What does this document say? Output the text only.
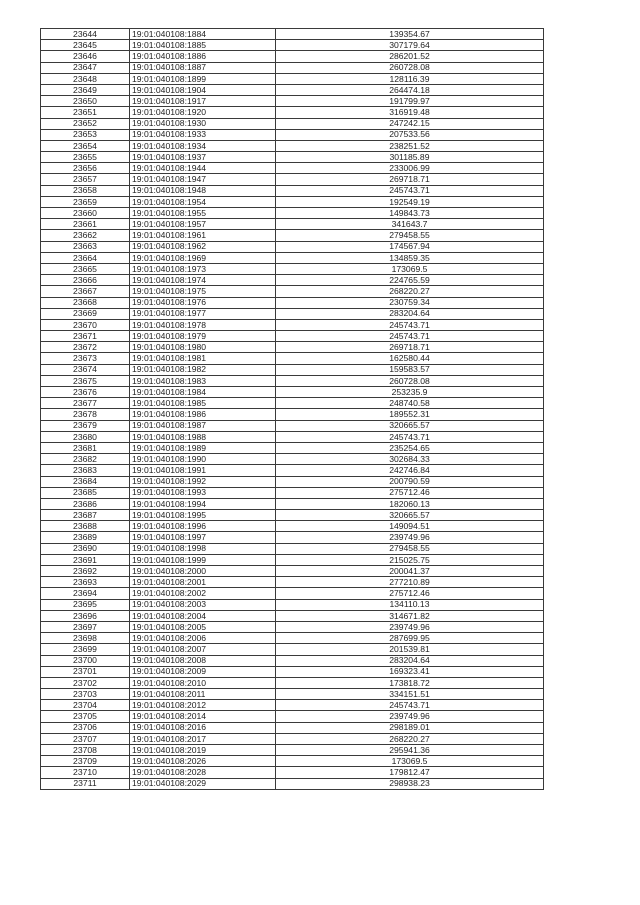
23644	19:01:040108:1884	139354.67
23645	19:01:040108:1885	307179.64
23646	19:01:040108:1886	286201.52
23647	19:01:040108:1887	260728.08
23648	19:01:040108:1899	128116.39
23649	19:01:040108:1904	264474.18
23650	19:01:040108:1917	191799.97
23651	19:01:040108:1920	316919.48
23652	19:01:040108:1930	247242.15
23653	19:01:040108:1933	207533.56
23654	19:01:040108:1934	238251.52
23655	19:01:040108:1937	301185.89
23656	19:01:040108:1944	233006.99
23657	19:01:040108:1947	269718.71
23658	19:01:040108:1948	245743.71
23659	19:01:040108:1954	192549.19
23660	19:01:040108:1955	149843.73
23661	19:01:040108:1957	341643.7
23662	19:01:040108:1961	279458.55
23663	19:01:040108:1962	174567.94
23664	19:01:040108:1969	134859.35
23665	19:01:040108:1973	173069.5
23666	19:01:040108:1974	224765.59
23667	19:01:040108:1975	268220.27
23668	19:01:040108:1976	230759.34
23669	19:01:040108:1977	283204.64
23670	19:01:040108:1978	245743.71
23671	19:01:040108:1979	245743.71
23672	19:01:040108:1980	269718.71
23673	19:01:040108:1981	162580.44
23674	19:01:040108:1982	159583.57
23675	19:01:040108:1983	260728.08
23676	19:01:040108:1984	253235.9
23677	19:01:040108:1985	248740.58
23678	19:01:040108:1986	189552.31
23679	19:01:040108:1987	320665.57
23680	19:01:040108:1988	245743.71
23681	19:01:040108:1989	235254.65
23682	19:01:040108:1990	302684.33
23683	19:01:040108:1991	242746.84
23684	19:01:040108:1992	200790.59
23685	19:01:040108:1993	275712.46
23686	19:01:040108:1994	182060.13
23687	19:01:040108:1995	320665.57
23688	19:01:040108:1996	149094.51
23689	19:01:040108:1997	239749.96
23690	19:01:040108:1998	279458.55
23691	19:01:040108:1999	215025.75
23692	19:01:040108:2000	200041.37
23693	19:01:040108:2001	277210.89
23694	19:01:040108:2002	275712.46
23695	19:01:040108:2003	134110.13
23696	19:01:040108:2004	314671.82
23697	19:01:040108:2005	239749.96
23698	19:01:040108:2006	287699.95
23699	19:01:040108:2007	201539.81
23700	19:01:040108:2008	283204.64
23701	19:01:040108:2009	169323.41
23702	19:01:040108:2010	173818.72
23703	19:01:040108:2011	334151.51
23704	19:01:040108:2012	245743.71
23705	19:01:040108:2014	239749.96
23706	19:01:040108:2016	298189.01
23707	19:01:040108:2017	268220.27
23708	19:01:040108:2019	295941.36
23709	19:01:040108:2026	173069.5
23710	19:01:040108:2028	179812.47
23711	19:01:040108:2029	298938.23
